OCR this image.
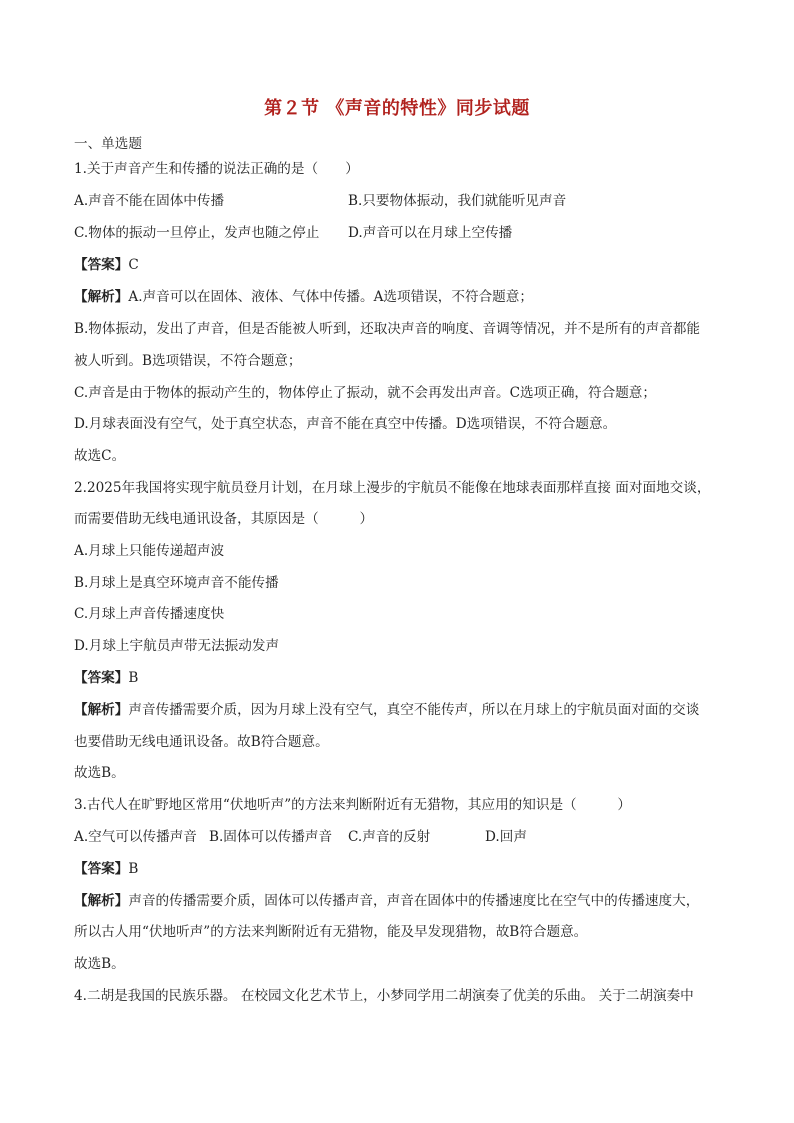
第２节 《声音的特性》同步试题
一、单选题
1.关于声音产生和传播的说法正确的是（　　）
A.声音不能在固体中传播	B.只要物体振动，我们就能听见声音
C.物体的振动一旦停止，发声也随之停止 D.声音可以在月球上空传播
【答案】C
【解析】A.声音可以在固体、液体、气体中传播。A选项错误，不符合题意；
B.物体振动，发出了声音，但是否能被人听到，还取决声音的响度、音调等情况，并不是所有的声音都能
被人听到。B选项错误，不符合题意；
C.声音是由于物体的振动产生的，物体停止了振动，就不会再发出声音。C选项正确，符合题意；
D.月球表面没有空气，处于真空状态，声音不能在真空中传播。D选项错误，不符合题意。
故选C。
2.2025年我国将实现宇航员登月计划，在月球上漫步的宇航员不能像在地球表面那样直接 面对面地交谈，
而需要借助无线电通讯设备，其原因是（　　　）
A.月球上只能传递超声波
B.月球上是真空环境声音不能传播
C.月球上声音传播速度快
D.月球上宇航员声带无法振动发声
【答案】B
【解析】声音传播需要介质，因为月球上没有空气，真空不能传声，所以在月球上的宇航员面对面的交谈
也要借助无线电通讯设备。故B符合题意。
故选B。
3.古代人在旷野地区常用“伏地听声”的方法来判断附近有无猎物，其应用的知识是（　　　）
A.空气可以传播声音 B.固体可以传播声音 C.声音的反射	D.回声
【答案】B
【解析】声音的传播需要介质，固体可以传播声音，声音在固体中的传播速度比在空气中的传播速度大，
所以古人用“伏地听声”的方法来判断附近有无猎物，能及早发现猎物，故B符合题意。
故选B。
4.二胡是我国的民族乐器。 在校园文化艺术节上，小梦同学用二胡演奏了优美的乐曲。 关于二胡演奏中
